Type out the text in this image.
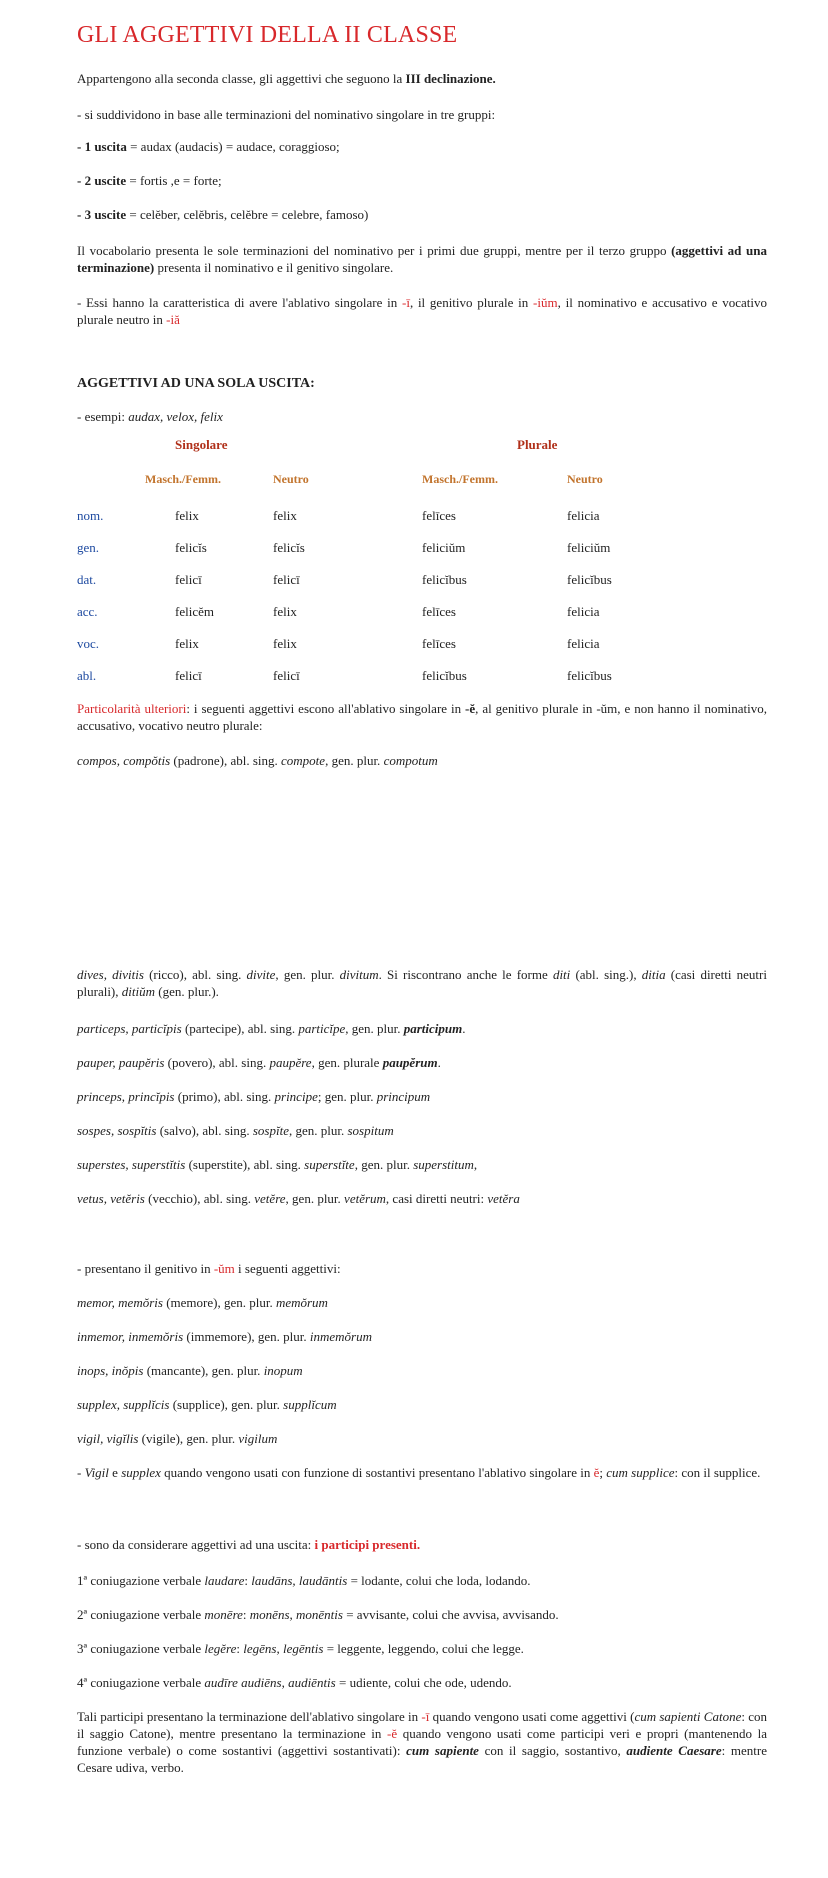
GLI AGGETTIVI DELLA II CLASSE
Appartengono alla seconda classe, gli aggettivi che seguono la III declinazione.
- si suddividono in base alle terminazioni del nominativo singolare in tre gruppi:
- 1 uscita = audax (audacis) = audace, coraggioso;
- 2 uscite = fortis ,e = forte;
- 3 uscite = celĕber, celĕbris, celĕbre = celebre, famoso)
Il vocabolario presenta le sole terminazioni del nominativo per i primi due gruppi, mentre per il terzo gruppo (aggettivi ad una terminazione) presenta il nominativo e il genitivo singolare.
- Essi hanno la caratteristica di avere l'ablativo singolare in -ī, il genitivo plurale in -iŭm, il nominativo e accusativo e vocativo plurale neutro in -iă
AGGETTIVI AD UNA SOLA USCITA:
- esempi: audax, velox, felix
Singolare	Plurale
Masch./Femm.	Neutro	Masch./Femm.	Neutro
nom.	felix	felix	felīces	felicia
gen.	felicĭs	felicĭs	feliciŭm	feliciŭm
dat.	felicī	felicī	felicĭbus	felicĭbus
acc.	felicĕm	felix	felīces	felicia
voc.	felix	felix	felīces	felicia
abl.	felicī	felicī	felicĭbus	felicĭbus
Particolarità ulteriori: i seguenti aggettivi escono all'ablativo singolare in -ĕ, al genitivo plurale in -ŭm, e non hanno il nominativo, accusativo, vocativo neutro plurale:
compos, compŏtis (padrone), abl. sing. compote, gen. plur. compotum
dives, divitis (ricco), abl. sing. divite, gen. plur. divitum. Si riscontrano anche le forme diti (abl. sing.), ditia (casi diretti neutri plurali), ditiŭm (gen. plur.).
particeps, particĭpis (partecipe), abl. sing. particĭpe, gen. plur. participum.
pauper, paupĕris (povero), abl. sing. paupĕre, gen. plurale paupĕrum.
princeps, princĭpis (primo), abl. sing. principe; gen. plur. principum
sospes, sospĭtis (salvo), abl. sing. sospĭte, gen. plur. sospitum
superstes, superstĭtis (superstite), abl. sing. superstĭte, gen. plur. superstitum,
vetus, vetĕris (vecchio), abl. sing. vetĕre, gen. plur. vetĕrum, casi diretti neutri: vetĕra
- presentano il genitivo in -ŭm i seguenti aggettivi:
memor, memŏris (memore), gen. plur. memŏrum
inmemor, inmemŏris (immemore), gen. plur. inmemŏrum
inops, inŏpis (mancante), gen. plur. inopum
supplex, supplĭcis (supplice), gen. plur. supplĭcum
vigil, vigĭlis (vigile), gen. plur. vigilum
- Vigil e supplex quando vengono usati con funzione di sostantivi presentano l'ablativo singolare in ĕ; cum supplice: con il supplice.
- sono da considerare aggettivi ad una uscita: i participi presenti.
1ª coniugazione verbale laudare: laudāns, laudāntis = lodante, colui che loda, lodando.
2ª coniugazione verbale monēre: monēns, monēntis = avvisante, colui che avvisa, avvisando.
3ª coniugazione verbale legĕre: legēns, legēntis = leggente, leggendo, colui che legge.
4ª coniugazione verbale audīre audiēns, audiēntis = udiente, colui che ode, udendo.
Tali participi presentano la terminazione dell'ablativo singolare in -ī quando vengono usati come aggettivi (cum sapienti Catone: con il saggio Catone), mentre presentano la terminazione in -ĕ quando vengono usati come participi veri e propri (mantenendo la funzione verbale) o come sostantivi (aggettivi sostantivati): cum sapiente con il saggio, sostantivo, audiente Caesare: mentre Cesare udiva, verbo.
